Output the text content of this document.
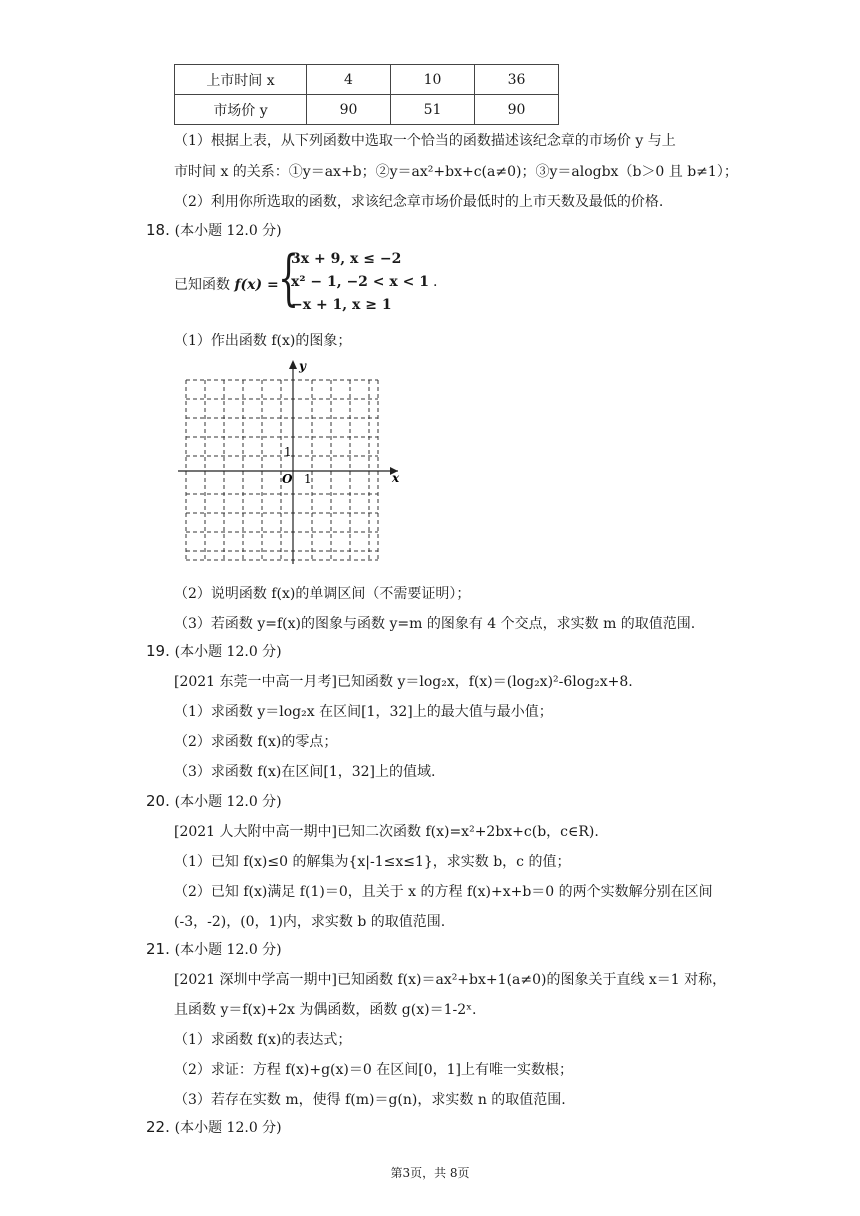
上市时间 x	4	10	36
市场价 y	90	51	90
（1）根据上表，从下列函数中选取一个恰当的函数描述该纪念章的市场价 y 与上
市时间 x 的关系：①y＝ax+b；②y＝ax²+bx+c(a≠0)；③y＝alogbx（b＞0 且 b≠1）；
（2）利用你所选取的函数，求该纪念章市场价最低时的上市天数及最低的价格.
18. (本小题 12.0 分)
已知函数 f(x) = {
3x + 9, x ≤ −2
x² − 1, −2 < x < 1
−x + 1, x ≥ 1
.
（1）作出函数 f(x)的图象；
y
x
O 1
1
（2）说明函数 f(x)的单调区间（不需要证明）；
（3）若函数 y=f(x)的图象与函数 y=m 的图象有 4 个交点，求实数 m 的取值范围.
19. (本小题 12.0 分)
[2021 东莞一中高一月考]已知函数 y＝log₂x，f(x)＝(log₂x)²-6log₂x+8.
（1）求函数 y＝log₂x 在区间[1，32]上的最大值与最小值；
（2）求函数 f(x)的零点；
（3）求函数 f(x)在区间[1，32]上的值域.
20. (本小题 12.0 分)
[2021 人大附中高一期中]已知二次函数 f(x)=x²+2bx+c(b，c∈R).
（1）已知 f(x)≤0 的解集为{x|-1≤x≤1}，求实数 b，c 的值；
（2）已知 f(x)满足 f(1)＝0，且关于 x 的方程 f(x)+x+b＝0 的两个实数解分别在区间
(-3，-2)，(0，1)内，求实数 b 的取值范围.
21. (本小题 12.0 分)
[2021 深圳中学高一期中]已知函数 f(x)＝ax²+bx+1(a≠0)的图象关于直线 x＝1 对称，
且函数 y＝f(x)+2x 为偶函数，函数 g(x)＝1-2ˣ.
（1）求函数 f(x)的表达式；
（2）求证：方程 f(x)+g(x)＝0 在区间[0，1]上有唯一实数根；
（3）若存在实数 m，使得 f(m)＝g(n)，求实数 n 的取值范围.
22. (本小题 12.0 分)
第3页，共 8页
